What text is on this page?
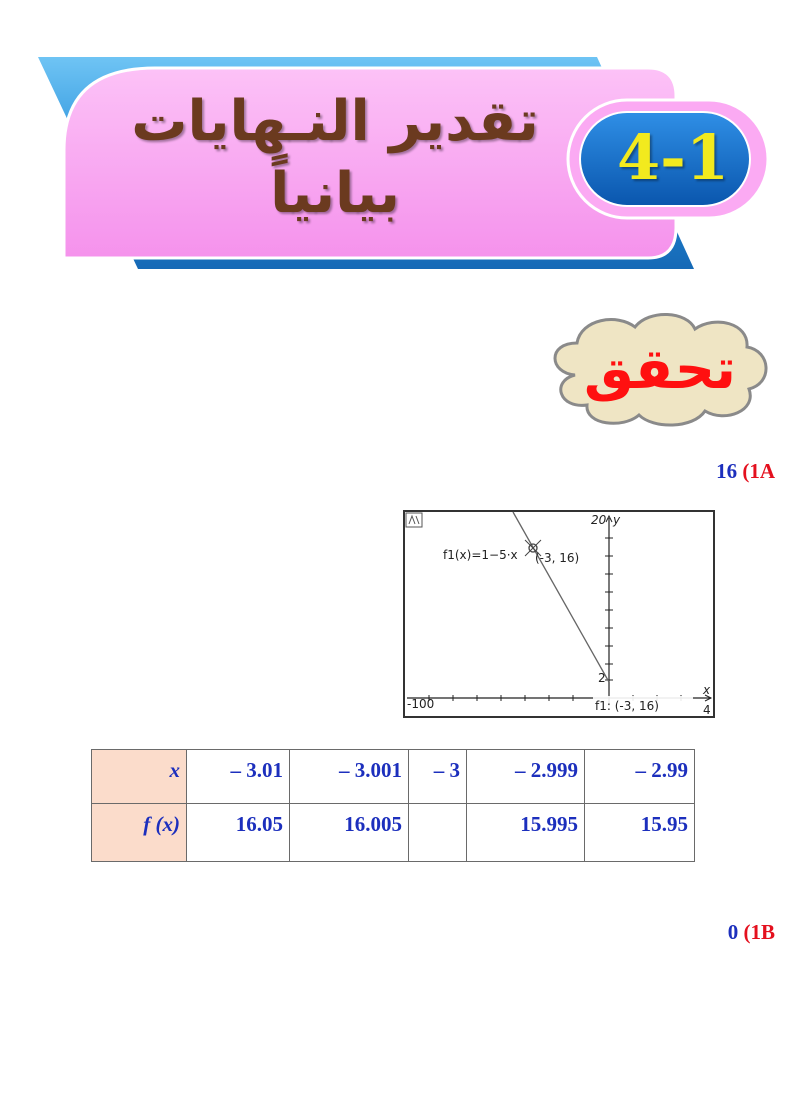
تقدير النـهايات
بيانياً	4-1
تحقق
16 (1A
f1(x)=1−5·x (-3, 16)
20 y
2
x
4
-100	f1: (-3, 16)
x	– 3.01	– 3.001	– 3	– 2.999	– 2.99
f (x)	16.05	16.005		15.995	15.95
0 (1B
